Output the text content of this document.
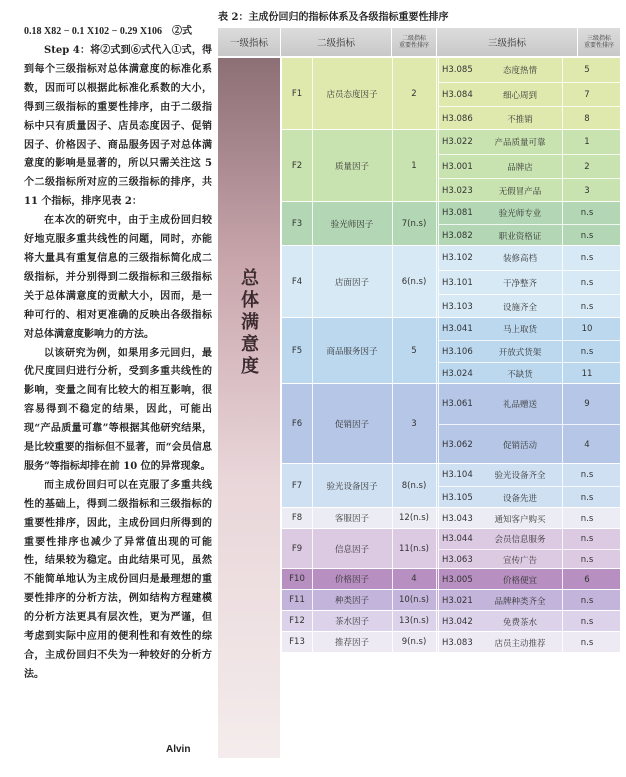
0.18 X82 − 0.1 X102 − 0.29 X106　②式

Step 4：将②式到⑥式代入①式，得到每个三级指标对总体满意度的标准化系数，因而可以根据此标准化系数的大小，得到三级指标的重要性排序，由于二级指标中只有质量因子、店员态度因子、促销因子、价格因子、商品服务因子对总体满意度的影响是显著的，所以只需关注这 5 个二级指标所对应的三级指标的排序，共 11 个指标，排序见表 2：

在本次的研究中，由于主成份回归较好地克服多重共线性的问题，同时，亦能将大量具有重复信息的三级指标简化成二级指标，并分别得到二级指标和三级指标关于总体满意度的贡献大小，因而，是一种可行的、相对更准确的反映出各级指标对总体满意度影响力的方法。

以该研究为例，如果用多元回归，最优尺度回归进行分析，受到多重共线性的影响，变量之间有比较大的相互影响，很容易得到不稳定的结果，因此，可能出现“产品质量可靠”等根据其他研究结果，是比较重要的指标但不显著，而“会员信息服务”等指标却排在前 10 位的异常现象。

而主成份回归可以在克服了多重共线性的基础上，得到二级指标和三级指标的重要性排序，因此，主成份回归所得到的重要性排序也减少了异常值出现的可能性，结果较为稳定。由此结果可见，虽然不能简单地认为主成份回归是最理想的重要性排序的分析方法，例如结构方程建模的分析方法更具有层次性，更为严谨，但考虑到实际中应用的便利性和有效性的综合，主成份回归不失为一种较好的分析方法。

Alvin
表 2：主成份回归的指标体系及各级指标重要性排序
一级指标	二级指标	二级指标
重要性排序	三级指标	三级指标
重要性排序
总体满意度
F1	店员态度因子	2
H3.085	态度热情	5
H3.084	细心周到	7
H3.086	不推销	8
F2	质量因子	1
H3.022	产品质量可靠	1
H3.001	品牌店	2
H3.023	无假冒产品	3
F3	验光师因子	7(n.s)
H3.081	验光师专业	n.s
H3.082	职业资格证	n.s
F4	店面因子	6(n.s)
H3.102	装修高档	n.s
H3.101	干净整齐	n.s
H3.103	设施齐全	n.s
F5	商品服务因子	5
H3.041	马上取货	10
H3.106	开放式货架	n.s
H3.024	不缺货	11
F6	促销因子	3
H3.061	礼品赠送	9
H3.062	促销活动	4
F7	验光设备因子	8(n.s)
H3.104	验光设备齐全	n.s
H3.105	设备先进	n.s
F8	客服因子	12(n.s)	H3.043	通知客户购买	n.s
F9	信息因子	11(n.s)
H3.044	会员信息服务	n.s
H3.063	宣传广告	n.s
F10	价格因子	4	H3.005	价格便宜	6
F11	种类因子	10(n.s)	H3.021	品牌种类齐全	n.s
F12	茶水因子	13(n.s)	H3.042	免费茶水	n.s
F13	推荐因子	9(n.s)	H3.083	店员主动推荐	n.s
